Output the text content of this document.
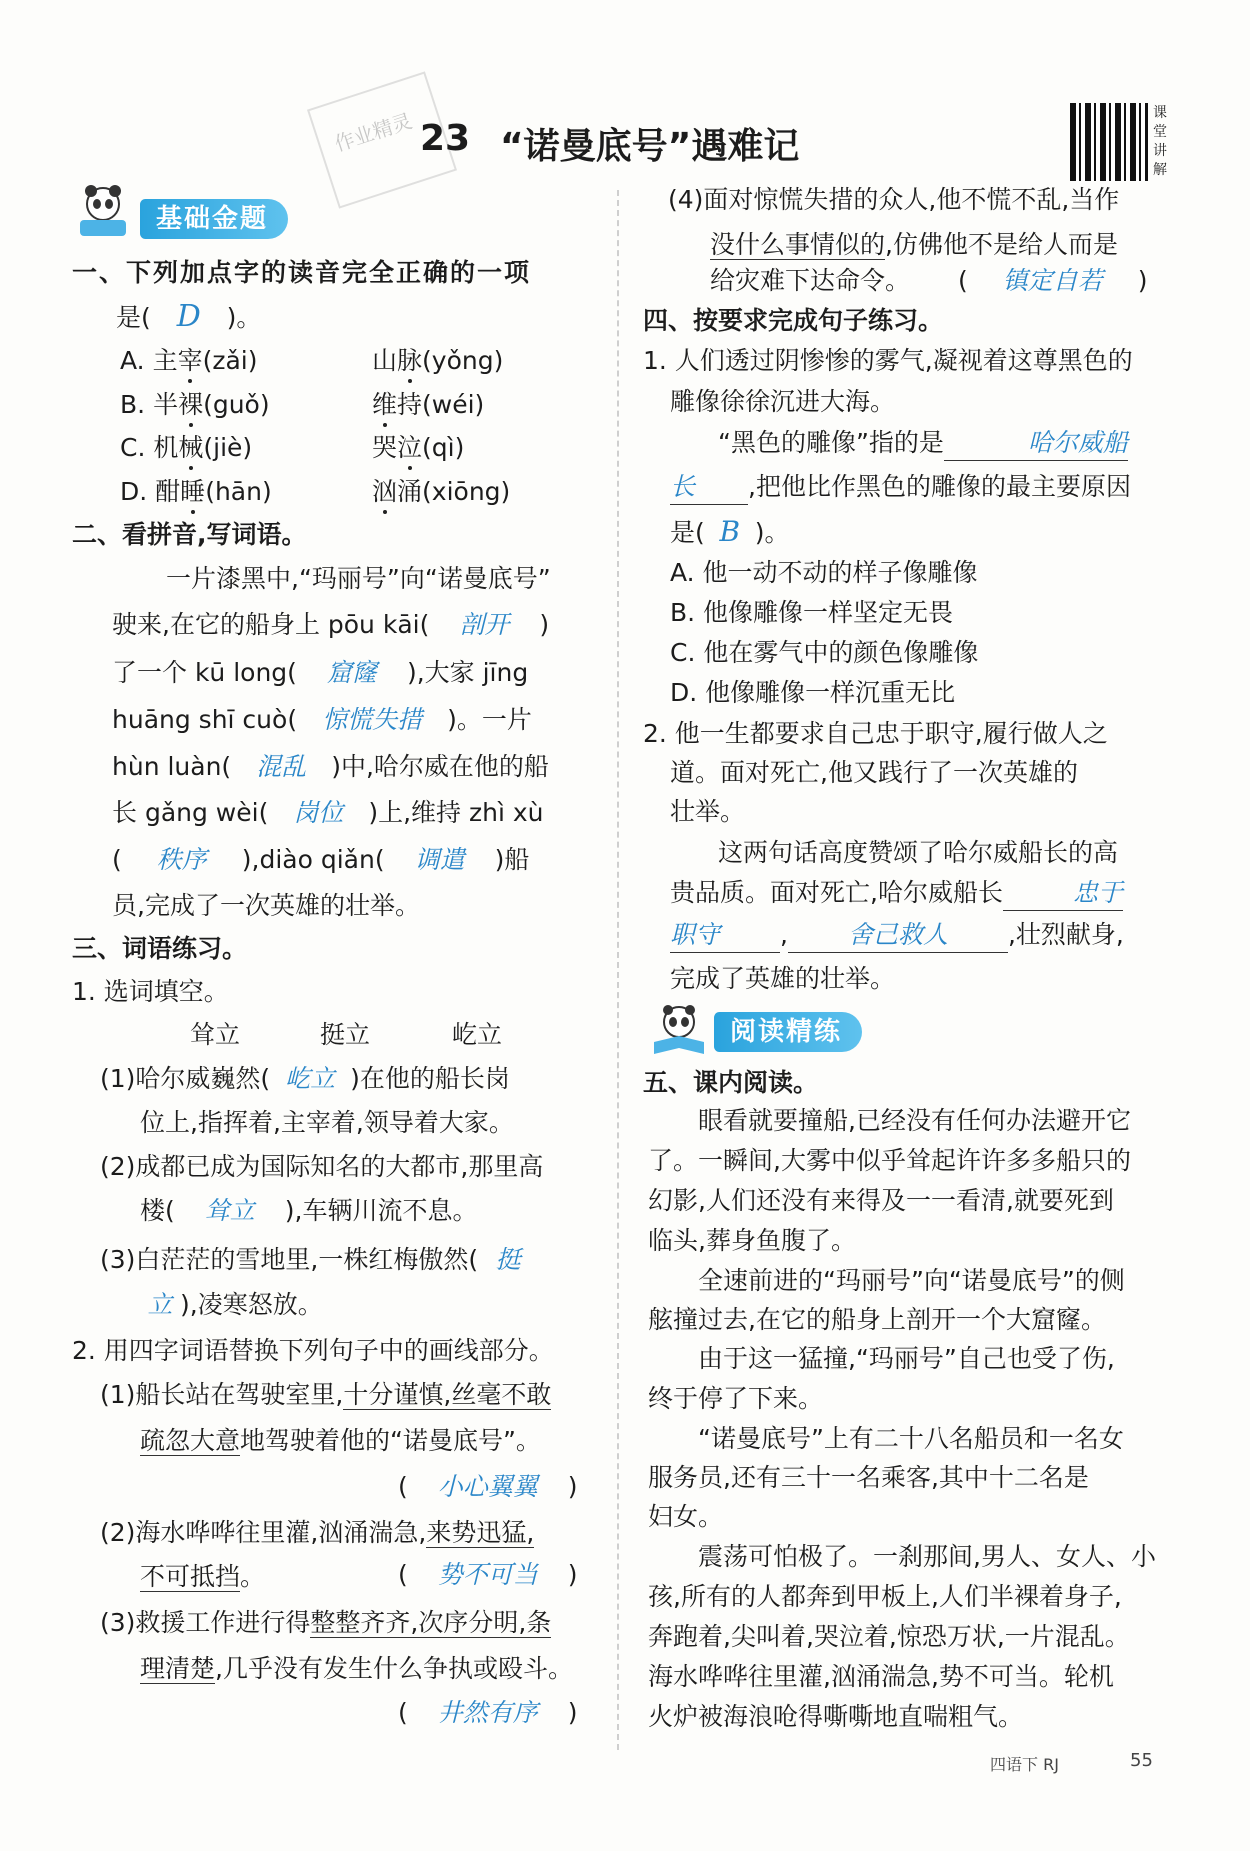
作业精灵 23 “诺曼底号”遇难记
课堂讲解
基础金题
一、下列加点字的读音完全正确的一项
是( D )。
A. 主宰(zǎi)	山脉(yǒng)
B. 半裸(guǒ)	维持(wéi)
C. 机械(jiè)	哭泣(qì)
D. 酣睡(hān)	汹涌(xiōng)
二、看拼音,写词语。
一片漆黑中,“玛丽号”向“诺曼底号”
驶来,在它的船身上 pōu kāi( 剖开 )
了一个 kū long( 窟窿 ),大家 jīng
huāng shī cuò( 惊慌失措 )。一片
hùn luàn( 混乱 )中,哈尔威在他的船
长 gǎng wèi( 岗位 )上,维持 zhì xù
( 秩序 ),diào qiǎn( 调遣 )船
员,完成了一次英雄的壮举。
三、词语练习。
1. 选词填空。
耸立	挺立	屹立
(1)哈尔威巍然( 屹立 )在他的船长岗
位上,指挥着,主宰着,领导着大家。
(2)成都已成为国际知名的大都市,那里高
楼( 耸立 ),车辆川流不息。
(3)白茫茫的雪地里,一株红梅傲然( 挺
立 ),凌寒怒放。
2. 用四字词语替换下列句子中的画线部分。
(1)船长站在驾驶室里,十分谨慎,丝毫不敢
疏忽大意地驾驶着他的“诺曼底号”。
( 小心翼翼 )
(2)海水哗哗往里灌,汹涌湍急,来势迅猛,
不可抵挡。	( 势不可当 )
(3)救援工作进行得整整齐齐,次序分明,条
理清楚,几乎没有发生什么争执或殴斗。
( 井然有序 )
(4)面对惊慌失措的众人,他不慌不乱,当作
没什么事情似的,仿佛他不是给人而是
给灾难下达命令。 ( 镇定自若 )
四、按要求完成句子练习。
1. 人们透过阴惨惨的雾气,凝视着这尊黑色的
雕像徐徐沉进大海。
“黑色的雕像”指的是	哈尔威船
长 ,把他比作黑色的雕像的最主要原因
是( B )。
A. 他一动不动的样子像雕像
B. 他像雕像一样坚定无畏
C. 他在雾气中的颜色像雕像
D. 他像雕像一样沉重无比
2. 他一生都要求自己忠于职守,履行做人之
道。面对死亡,他又践行了一次英雄的
壮举。
这两句话高度赞颂了哈尔威船长的高
贵品质。面对死亡,哈尔威船长	忠于
职守 , 舍己救人 ,壮烈献身,
完成了英雄的壮举。
阅读精练
五、课内阅读。
眼看就要撞船,已经没有任何办法避开它
了。一瞬间,大雾中似乎耸起许许多多船只的
幻影,人们还没有来得及一一看清,就要死到
临头,葬身鱼腹了。
全速前进的“玛丽号”向“诺曼底号”的侧
舷撞过去,在它的船身上剖开一个大窟窿。
由于这一猛撞,“玛丽号”自己也受了伤,
终于停了下来。
“诺曼底号”上有二十八名船员和一名女
服务员,还有三十一名乘客,其中十二名是
妇女。
震荡可怕极了。一刹那间,男人、女人、小
孩,所有的人都奔到甲板上,人们半裸着身子,
奔跑着,尖叫着,哭泣着,惊恐万状,一片混乱。
海水哗哗往里灌,汹涌湍急,势不可当。轮机
火炉被海浪呛得嘶嘶地直喘粗气。
四语下 RJ	55
